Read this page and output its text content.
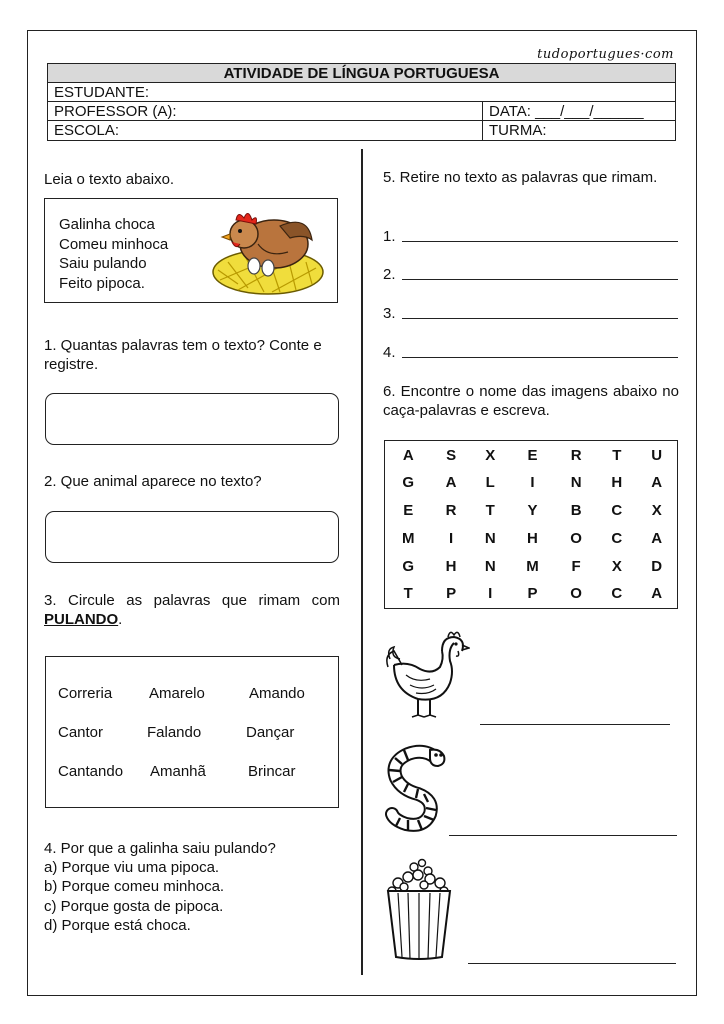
tudoportugues·com
ATIVIDADE DE LÍNGUA PORTUGUESA
ESTUDANTE:
PROFESSOR (A):	DATA: ___/___/______
ESCOLA:	TURMA:
Leia o texto abaixo.
Galinha choca
Comeu minhoca
Saiu pulando
Feito pipoca.
1. Quantas palavras tem o texto? Conte e registre.
2. Que animal aparece no texto?
3. Circule as palavras que rimam com
PULANDO.
Correria Amarelo	Amando
Cantor	Falando	Dançar
Cantando Amanhã	Brincar
4. Por que a galinha saiu pulando?
a) Porque viu uma pipoca.
b) Porque comeu minhoca.
c) Porque gosta de pipoca.
d) Porque está choca.
5. Retire no texto as palavras que rimam.
1.
2.
3.
4.
6. Encontre o nome das imagens abaixo no caça-palavras e escreva.
A	S	X	E	R	T	U
G	A	L	I	N	H	A
E	R	T	Y	B	C	X
M	I	N	H	O	C	A
G	H	N	M	F	X	D
T	P	I	P	O	C	A
